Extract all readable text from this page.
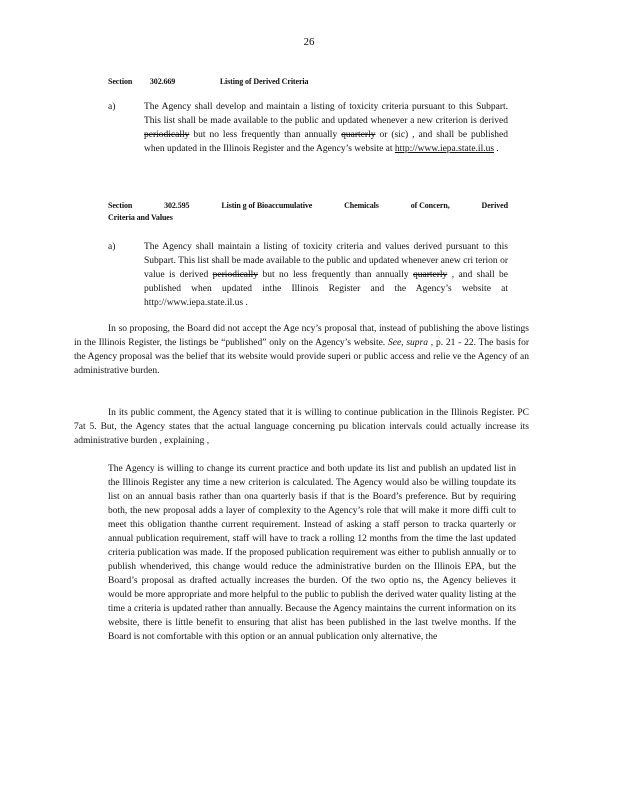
26
Section 302.669	Listing of Derived Criteria
a)	The Agency shall develop and maintain a listing of toxicity criteria pursuant to this Subpart. This list shall be made available to the public and updated whenever a new criterion is derived periodically but no less frequently than annually quarterly or (sic) , and shall be published when updated in the Illinois Register and the Agency’s website at http://www.iepa.state.il.us .
Section	302.595	Listin g of Bioaccumulative	Chemicals	of Concern,	Derived
Criteria and Values
a)	The Agency shall maintain a listing of toxicity criteria and values derived pursuant to this Subpart. This list shall be made available to the public and updated whenever anew cri terion or value is derived periodically but no less frequently than annually quarterly , and shall be published when updated inthe Illinois Register and the Agency’s website at http://www.iepa.state.il.us .
In so proposing, the Board did not accept the Age ncy’s proposal that, instead of publishing the above listings in the Illinois Register, the listings be “published” only on the Agency’s website. See, supra , p. 21 - 22. The basis for the Agency proposal was the belief that its website would provide superi or public access and relie ve the Agency of an administrative burden.
In its public comment, the Agency stated that it is willing to continue publication in the Illinois Register. PC 7at 5. But, the Agency states that the actual language concerning pu blication intervals could actually increase its administrative burden , explaining ,
The Agency is willing to change its current practice and both update its list and publish an updated list in the Illinois Register any time a new criterion is calculated. The Agency would also be willing toupdate its list on an annual basis rather than ona quarterly basis if that is the Board’s preference. But by requiring both, the new proposal adds a layer of complexity to the Agency’s role that will make it more diffi cult to meet this obligation thanthe current requirement. Instead of asking a staff person to tracka quarterly or annual publication requirement, staff will have to track a rolling 12 months from the time the last updated criteria publication was made. If the proposed publication requirement was either to publish annually or to publish whenderived, this change would reduce the administrative burden on the Illinois EPA, but the Board’s proposal as drafted actually increases the burden. Of the two optio ns, the Agency believes it would be more appropriate and more helpful to the public to publish the derived water quality listing at the time a criteria is updated rather than annually. Because the Agency maintains the current information on its website, there is little benefit to ensuring that alist has been published in the last twelve months. If the Board is not comfortable with this option or an annual publication only alternative, the
